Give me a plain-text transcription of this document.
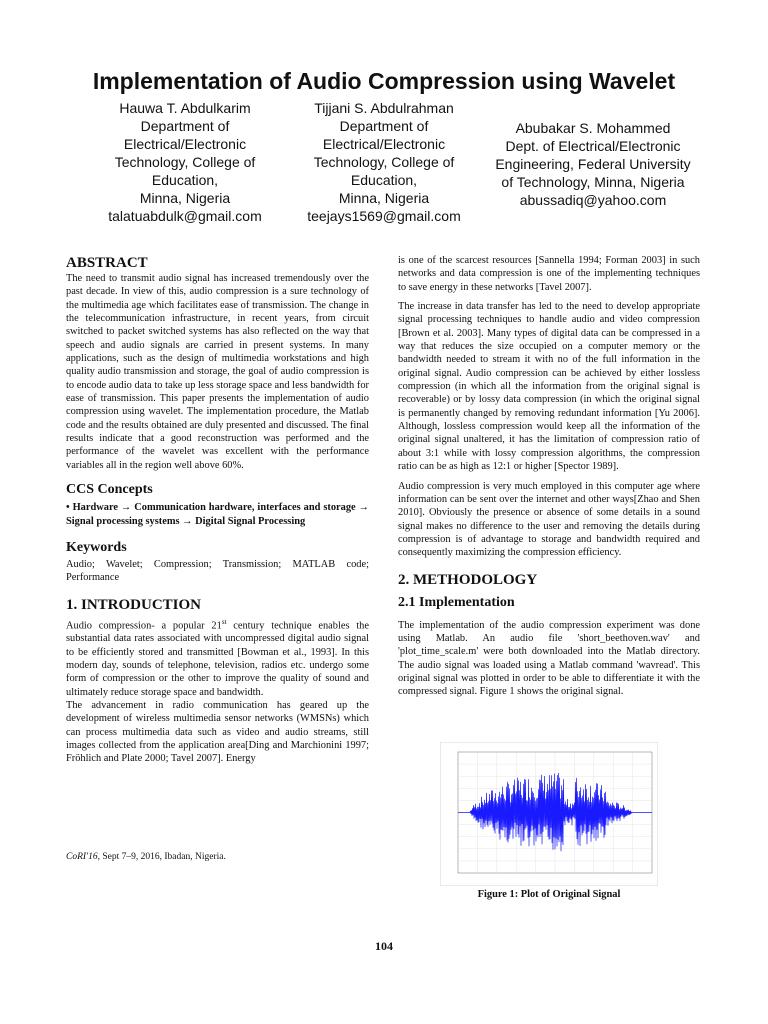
Implementation of Audio Compression using Wavelet
Hauwa T. Abdulkarim
Department of
Electrical/Electronic
Technology, College of
Education,
Minna, Nigeria
talatuabdulk@gmail.com
Tijjani S. Abdulrahman
Department of
Electrical/Electronic
Technology, College of
Education,
Minna, Nigeria
teejays1569@gmail.com
Abubakar S. Mohammed
Dept. of Electrical/Electronic
Engineering, Federal University
of Technology, Minna, Nigeria
abussadiq@yahoo.com
ABSTRACT

The need to transmit audio signal has increased tremendously over the past decade. In view of this, audio compression is a sure technology of the multimedia age which facilitates ease of transmission. The change in the telecommunication infrastructure, in recent years, from circuit switched to packet switched systems has also reflected on the way that speech and audio signals are carried in present systems. In many applications, such as the design of multimedia workstations and high quality audio transmission and storage, the goal of audio compression is to encode audio data to take up less storage space and less bandwidth for ease of transmission. This paper presents the implementation of audio compression using wavelet. The implementation procedure, the Matlab code and the results obtained are duly presented and discussed. The final results indicate that a good reconstruction was performed and the performance of the wavelet was excellent with the performance variables all in the region well above 60%.

CCS Concepts

• Hardware → Communication hardware, interfaces and storage → Signal processing systems → Digital Signal Processing

Keywords

Audio; Wavelet; Compression; Transmission; MATLAB code; Performance

1. INTRODUCTION

Audio compression- a popular 21st century technique enables the substantial data rates associated with uncompressed digital audio signal to be efficiently stored and transmitted [Bowman et al., 1993]. In this modern day, sounds of telephone, television, radios etc. undergo some form of compression or the other to improve the quality of sound and ultimately reduce storage space and bandwidth.

The advancement in radio communication has geared up the development of wireless multimedia sensor networks (WMSNs) which can process multimedia data such as video and audio streams, still images collected from the application area[Ding and Marchionini 1997; Fröhlich and Plate 2000; Tavel 2007]. Energy

is one of the scarcest resources [Sannella 1994; Forman 2003] in such networks and data compression is one of the implementing techniques to save energy in these networks [Tavel 2007].

The increase in data transfer has led to the need to develop appropriate signal processing techniques to handle audio and video compression [Brown et al. 2003]. Many types of digital data can be compressed in a way that reduces the size occupied on a computer memory or the bandwidth needed to stream it with no of the full information in the original signal. Audio compression can be achieved by either lossless compression (in which all the information from the original signal is recoverable) or by lossy data compression (in which the original signal is permanently changed by removing redundant information [Yu 2006]. Although, lossless compression would keep all the information of the original signal unaltered, it has the limitation of compression ratio of about 3:1 while with lossy compression algorithms, the compression ratio can be as high as 12:1 or higher [Spector 1989].

Audio compression is very much employed in this computer age where information can be sent over the internet and other ways[Zhao and Shen 2010]. Obviously the presence or absence of some details in a sound signal makes no difference to the user and removing the details during compression is of advantage to storage and bandwidth required and consequently maximizing the compression efficiency.

2. METHODOLOGY
2.1 Implementation

The implementation of the audio compression experiment was done using Matlab. An audio file 'short_beethoven.wav' and 'plot_time_scale.m' were both downloaded into the Matlab directory. The audio signal was loaded using a Matlab command 'wavread'. This original signal was plotted in order to be able to differentiate it with the compressed signal. Figure 1 shows the original signal.

Figure 1: Plot of Original Signal
CoRI'16, Sept 7–9, 2016, Ibadan, Nigeria.
104
